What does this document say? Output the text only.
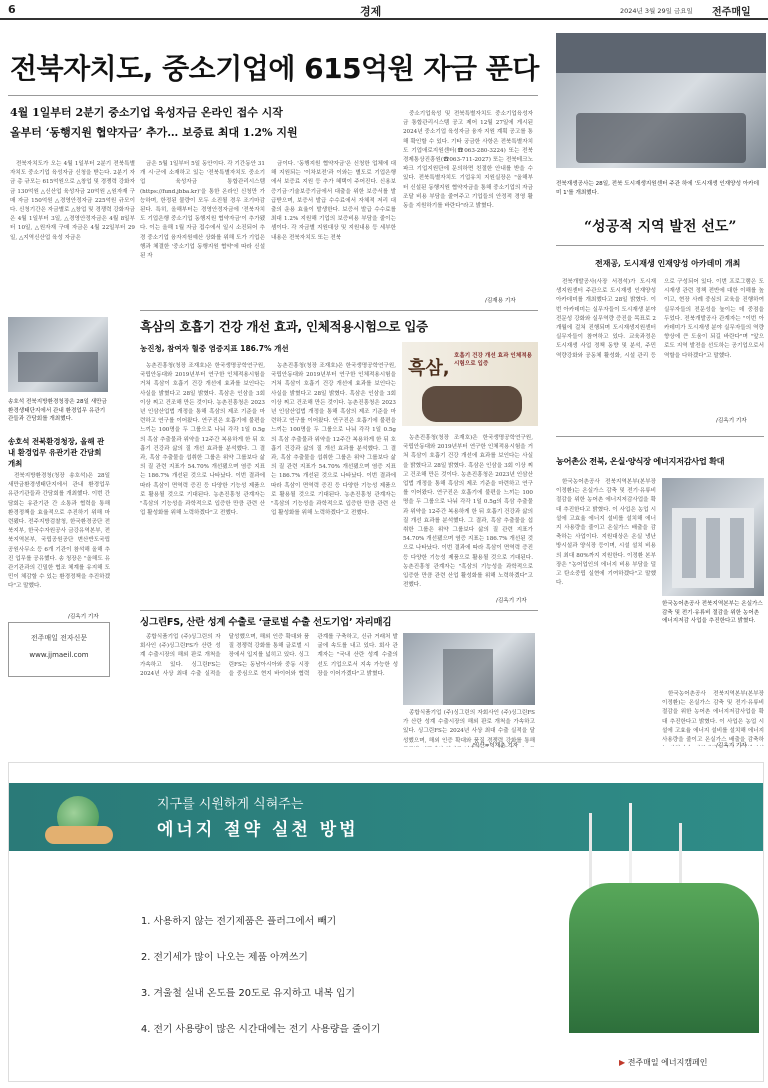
6	경제	2024년 3월 29일 금요일 전주매일
전북자치도, 중소기업에 615억원 자금 푼다
4월 1일부터 2분기 중소기업 육성자금 온라인 접수 시작
올부터 ‘동행지원 협약자금’ 추가… 보증료 최대 1.2% 지원

전북자치도가 오는 4월 1일부터 2분기 전북특별자치도 중소기업 육성자금 신청을 받는다. 2분기 자금 총 규모는 615억원으로 △창업 및 경쟁력 강화자금 130억원 △신산업 육성자금 20억원 △원자재 구매 자금 150억원 △경영안정자금 225억원 규모이다. 신청기간은 자금별로 △창업 및 경쟁력 강화자금은 4월 1일부터 3일, △경영안정자금은 4월 8일부터 10일, △원자재 구매 자금은 4월 22일부터 29일, △지역신산업 육성 자금은

금은 5월 1일부터 5일 동안이다. 각 기간동안 31개 시·군에 소재하고 있는 '전북특별자치도 중소기업 육성자금 통합관리시스템(https://fund.jbba.kr)'을 통한 온라인 신청만 가능하며, 한정된 물량이 모두 소진될 경우 조기마감된다. 특히, 올해부터는 경영안정자금에 '전북자치도 기업은행 중소기업 동행지원 협약자금'이 추가됐다. 이는 올해 1월 자금 접수에서 일시 소진되어 추경 중소기업 융자지원예산 상화를 위해 도가 기업은행과 체결한 '중소기업 동행지원 협약'에 따라 신설된 자

금이다. '동행지원 협약자금'은 신청한 업체에 대해 지원되는 '이차보전'과 이와는 별도로 기업은행에서 보증료 지원 등 추가 혜택이 주어진다. 신용보증기금·기술보증기금에서 대출을 위한 보증서를 발급받으며, 보증서 발급 수수료에서 자체적 저리 대출의 운용 효율이 발생한다. 보증서 발급 수수료를 최대 1.2% 지원해 기업의 보증비용 부담을 줄이는 셈이다. 각 자금별 지원대상 및 지원내용 등 세부한 내용은 전북자치도 또는 전북

중소기업육성 및 전북특별자치도 중소기업육성자금 통합관리시스템 공고 제어 12월 27일에 게시된 2024년 중소기업 육성자금 융자 지원 계획 공고를 통해 확인할 수 있다. 기타 궁금한 사항은 전북특별자치도 기업애로지원센터(☎063-280-3224) 또는 전북경제통상진흥원(☎063-711-2027) 또는 전북테크노파크 기업지원단에 문의하면 친절한 안내를 받을 수 있다. 전북특별자치도 기업유치 지원실장은 "올해부터 신설된 동행지원 협약자금을 통해 중소기업의 자금조달 비용 부담을 줄여주고 기업들의 안정적 경영 활동을 지원하기를 바란다"라고 밝혔다.

/김재용 기자
전북재생공사는 28일, 전북 도시재생지원센터 주관 하에 '도시재생 인재양성 아카데미 1'를 개최했다.
“성공적 지역 발전 선도”
전재공, 도시재생 인재양성 아카데미 개최

전북개발공사(사장 서경석)가 도시재생지원센터 주관으로 도시재생 인재양성 아카데미를 개최했다고 28일 밝혔다. 이번 아카데미는 실무자들이 도시재생 분야 전문성 강화와 실무역량 증진을 목표로 2개월에 걸쳐 진행되며 도시재생지원센터 실무자들이 참여하고 있다. 교육과정은 도시재생 사업 정책 동향 및 분석, 주민 역량강화와 공동체 활성화, 시설 관리 등으로 구성되어 있다. 이번 프로그램은 도시재생 관련 정책 전반에 대한 이해를 높이고, 현장 사례 중심의 교육을 진행하여 실무자들의 전문성을 높이는 데 중점을 두었다. 전북개발공사 관계자는 "이번 아카데미가 도시재생 분야 실무자들의 역량 향상에 큰 도움이 되길 바란다"며 "앞으로도 지역 발전을 선도하는 공기업으로서 역할을 다하겠다"고 말했다.

/김옥기 기자
송호석 전북지방환경청장은 28일 새만금환경생태단지에서 관내 환경업무 유관기관들과 간담회를 개최했다.
송호석 전북환경청장, 올해 관내 환경업무 유관기관 간담회 개최

전북지방환경청(청장 송호석)은 28일 새만금환경생태단지에서 관내 환경업무 유관기관들과 간담회를 개최했다. 이번 간담회는 유관기관 간 소통과 협력을 통해 환경정책을 효율적으로 추진하기 위해 마련됐다. 전주지방검찰청, 한국환경공단 전북지부, 한국수자원공사 금강유역본부, 전북지역본부, 국립공원공단 변산반도국립공원사무소 등 6개 기관이 참석해 올해 추진 업무를 공유했다. 송 청장은 "올해도 유관기관과의 긴밀한 협조 체계를 유지해 도민이 체감할 수 있는 환경정책을 추진하겠다"고 말했다.

/김옥기 기자
전주매일 전자신문
www.jjmaeil.com
흑삼의 호흡기 건강 개선 효과, 인체적용시험으로 입증
농진청, 참여자 혈중 염증지표 186.7% 개선
흑삼,
호흡기 건강 개선 효과 인체적용시험으로 입증

농촌진흥청(청장 조재호)은 한국생명공학연구원, 국립안동대와 2019년부터 연구한 인체적용시험을 거쳐 흑삼이 호흡기 건강 개선에 효과를 보인다는 사실을 밝혔다고 28일 밝혔다. 흑삼은 인삼을 3회 이상 찌고 건조해 만든 것이다. 농촌진흥청은 2023년 인삼산업법 개정을 통해 흑삼의 제조 기준을 마련하고 연구를 이어왔다. 연구진은 호흡기에 불편을 느끼는 100명을 두 그룹으로 나눠 각각 1일 0.5g의 흑삼 추출물과 위약을 12주간 복용하게 한 뒤 호흡기 건강과 삶의 질 개선 효과를 분석했다. 그 결과, 흑삼 추출물을 섭취한 그룹은 위약 그룹보다 삶의 질 관련 지표가 54.70% 개선됐으며 염증 지표는 186.7% 개선된 것으로 나타났다. 이번 결과에 따라 흑삼이 면역력 증진 등 다양한 기능성 제품으로 활용될 것으로 기대된다. 농촌진흥청 관계자는 "흑삼의 기능성을 과학적으로 입증한 만큼 관련 산업 활성화를 위해 노력하겠다"고 전했다.

농촌진흥청(청장 조재호)은 한국생명공학연구원, 국립안동대와 2019년부터 연구한 인체적용시험을 거쳐 흑삼이 호흡기 건강 개선에 효과를 보인다는 사실을 밝혔다고 28일 밝혔다. 흑삼은 인삼을 3회 이상 찌고 건조해 만든 것이다. 농촌진흥청은 2023년 인삼산업법 개정을 통해 흑삼의 제조 기준을 마련하고 연구를 이어왔다. 연구진은 호흡기에 불편을 느끼는 100명을 두 그룹으로 나눠 각각 1일 0.5g의 흑삼 추출물과 위약을 12주간 복용하게 한 뒤 호흡기 건강과 삶의 질 개선 효과를 분석했다. 그 결과, 흑삼 추출물을 섭취한 그룹은 위약 그룹보다 삶의 질 관련 지표가 54.70% 개선됐으며 염증 지표는 186.7% 개선된 것으로 나타났다. 이번 결과에 따라 흑삼이 면역력 증진 등 다양한 기능성 제품으로 활용될 것으로 기대된다. 농촌진흥청 관계자는 "흑삼의 기능성을 과학적으로 입증한 만큼 관련 산업 활성화를 위해 노력하겠다"고 전했다.

농촌진흥청(청장 조재호)은 한국생명공학연구원, 국립안동대와 2019년부터 연구한 인체적용시험을 거쳐 흑삼이 호흡기 건강 개선에 효과를 보인다는 사실을 밝혔다고 28일 밝혔다. 흑삼은 인삼을 3회 이상 찌고 건조해 만든 것이다. 농촌진흥청은 2023년 인삼산업법 개정을 통해 흑삼의 제조 기준을 마련하고 연구를 이어왔다. 연구진은 호흡기에 불편을 느끼는 100명을 두 그룹으로 나눠 각각 1일 0.5g의 흑삼 추출물과 위약을 12주간 복용하게 한 뒤 호흡기 건강과 삶의 질 개선 효과를 분석했다. 그 결과, 흑삼 추출물을 섭취한 그룹은 위약 그룹보다 삶의 질 관련 지표가 54.70% 개선됐으며 염증 지표는 186.7% 개선된 것으로 나타났다. 이번 결과에 따라 흑삼이 면역력 증진 등 다양한 기능성 제품으로 활용될 것으로 기대된다. 농촌진흥청 관계자는 "흑삼의 기능성을 과학적으로 입증한 만큼 관련 산업 활성화를 위해 노력하겠다"고 전했다.

/김옥기 기자
싱그린FS, 산란 성계 수출로 ‘글로벌 수출 선도기업’ 자리매김

종합식품기업 (주)싱그린의 자회사인 (주)싱그린FS가 산란 성계 수출시장의 해외 판로 개척을 가속하고 있다. 싱그린FS는 2024년 사상 최대 수출 실적을 달성했으며, 해외 인증 확대와 품질 경쟁력 강화를 통해 글로벌 시장에서 입지를 넓히고 있다. 싱그린FS는 동남아시아와 중동 시장을 중심으로 현지 바이어와 협력 관계를 구축하고, 신규 거래처 발굴에 속도를 내고 있다. 회사 관계자는 "국내 산란 성계 수출의 선도 기업으로서 지속 가능한 성장을 이어가겠다"고 밝혔다.

종합식품기업 (주)싱그린의 자회사인 (주)싱그린FS가 산란 성계 수출시장의 해외 판로 개척을 가속하고 있다. 싱그린FS는 2024년 사상 최대 수출 실적을 달성했으며, 해외 인증 확대와 품질 경쟁력 강화를 통해

/익산=이재춘 기자
농어촌公 전북, 온실·양식장 에너지저감사업 확대

한국농어촌공사 전북지역본부(본부장 이정환)는 온실가스 감축 및 전기·유류비 절감을 위한 농어촌 에너지저감사업을 확대 추진한다고 밝혔다. 이 사업은 농업 시설에 고효율 에너지 설비를 설치해 에너지 사용량을 줄이고 온실가스 배출을 감축하는 사업이다. 지원대상은 온실 냉난방시설과 양식장 등이며, 시설 설치 비용의 최대 80%까지 지원한다. 이정환 본부장은 "농어업인의 에너지 비용 부담을 덜고 탄소중립 실현에 기여하겠다"고 말했다.

한국농어촌공사 전북지역본부는 온실가스 감축 및 전기·유류비 절감을 위한 농어촌 에너지저감 사업을 추진한다고 밝혔다.

한국농어촌공사 전북지역본부(본부장 이정환)는 온실가스 감축 및 전기·유류비 절감을 위한 농어촌 에너지저감사업을 확대 추진한다고 밝혔다. 이 사업은 농업 시설에 고효율 에너지 설비를 설치해 에너지 사용량을 줄이고 온실가스 배출을 감축하

/김옥기 기자
지구를 시원하게 식혀주는
에너지 절약 실천 방법
1. 사용하지 않는 전기제품은 플러그에서 빼기
2. 전기세가 많이 나오는 제품 아껴쓰기
3. 겨울철 실내 온도를 20도로 유지하고 내복 입기
4. 전기 사용량이 많은 시간대에는 전기 사용량을 줄이기
▶ 전주매일 에너지캠페인
